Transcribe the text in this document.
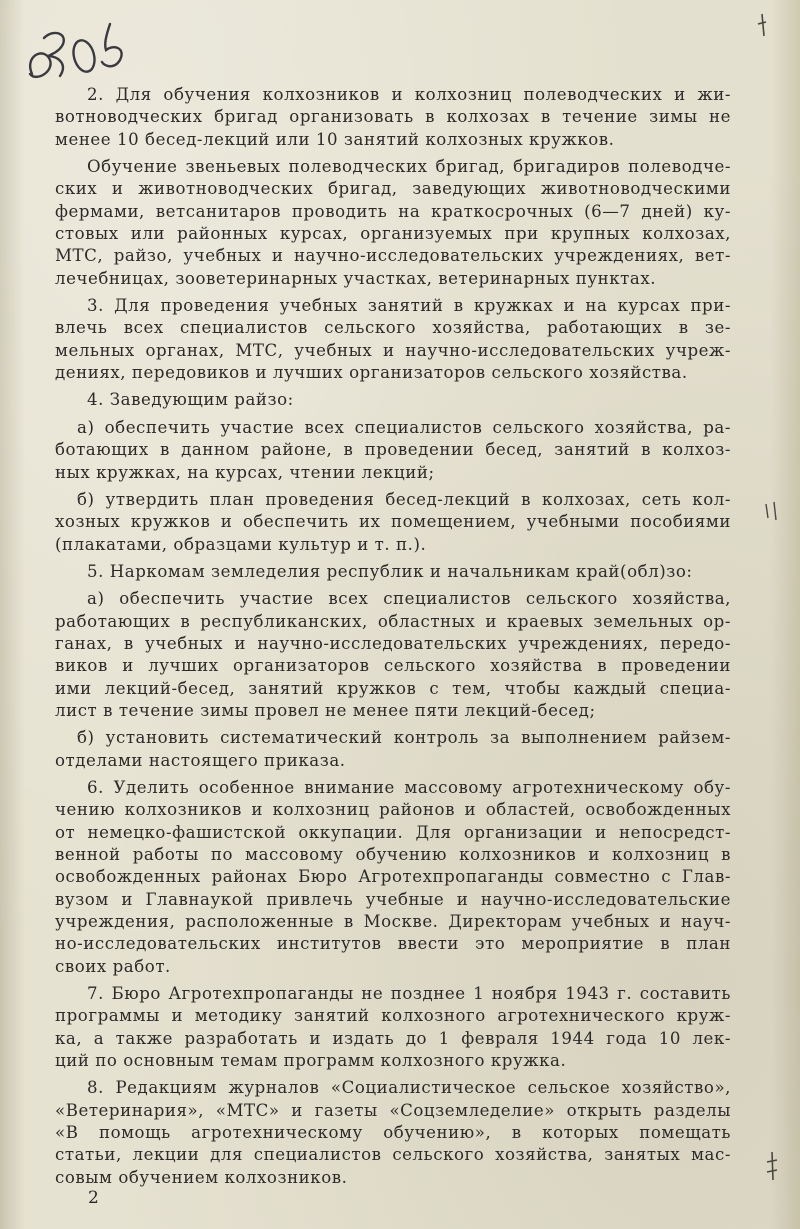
2. Для обучения колхозников и колхозниц полеводческих и жи-
вотноводческих бригад организовать в колхозах в течение зимы не
менее 10 бесед-лекций или 10 занятий колхозных кружков.

Обучение звеньевых полеводческих бригад, бригадиров полеводче-
ских и животноводческих бригад, заведующих животноводческими
фермами, ветсанитаров проводить на краткосрочных (6—7 дней) ку-
стовых или районных курсах, организуемых при крупных колхозах,
МТС, райзо, учебных и научно-исследовательских учреждениях, вет-
лечебницах, зооветеринарных участках, ветеринарных пунктах.

3. Для проведения учебных занятий в кружках и на курсах при-
влечь всех специалистов сельского хозяйства, работающих в зе-
мельных органах, МТС, учебных и научно-исследовательских учреж-
дениях, передовиков и лучших организаторов сельского хозяйства.

4. Заведующим райзо:

а) обеспечить участие всех специалистов сельского хозяйства, ра-
ботающих в данном районе, в проведении бесед, занятий в колхоз-
ных кружках, на курсах, чтении лекций;

б) утвердить план проведения бесед-лекций в колхозах, сеть кол-
хозных кружков и обеспечить их помещением, учебными пособиями
(плакатами, образцами культур и т. п.).

5. Наркомам земледелия республик и начальникам край(обл)зо:

а) обеспечить участие всех специалистов сельского хозяйства,
работающих в республиканских, областных и краевых земельных ор-
ганах, в учебных и научно-исследовательских учреждениях, передо-
виков и лучших организаторов сельского хозяйства в проведении
ими лекций-бесед, занятий кружков с тем, чтобы каждый специа-
лист в течение зимы провел не менее пяти лекций-бесед;

б) установить систематический контроль за выполнением райзем-
отделами настоящего приказа.

6. Уделить особенное внимание массовому агротехническому обу-
чению колхозников и колхозниц районов и областей, освобожденных
от немецко-фашистской оккупации. Для организации и непосредст-
венной работы по массовому обучению колхозников и колхозниц в
освобожденных районах Бюро Агротехпропаганды совместно с Глав-
вузом и Главнаукой привлечь учебные и научно-исследовательские
учреждения, расположенные в Москве. Директорам учебных и науч-
но-исследовательских институтов ввести это мероприятие в план
своих работ.

7. Бюро Агротехпропаганды не позднее 1 ноября 1943 г. составить
программы и методику занятий колхозного агротехнического круж-
ка, а также разработать и издать до 1 февраля 1944 года 10 лек-
ций по основным темам программ колхозного кружка.

8. Редакциям журналов «Социалистическое сельское хозяйство»,
«Ветеринария», «МТС» и газеты «Соцземледелие» открыть разделы
«В помощь агротехническому обучению», в которых помещать
статьи, лекции для специалистов сельского хозяйства, занятых мас-
совым обучением колхозников.

2
